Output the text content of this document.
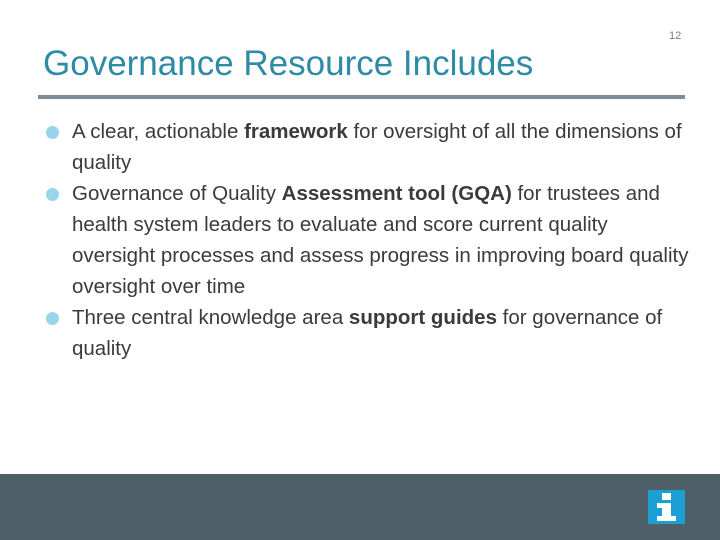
12
Governance Resource Includes
A clear, actionable framework for oversight of all the dimensions of quality
Governance of Quality Assessment tool (GQA) for trustees and health system leaders to evaluate and score current quality oversight processes and assess progress in improving board quality oversight over time
Three central knowledge area support guides for governance of quality
